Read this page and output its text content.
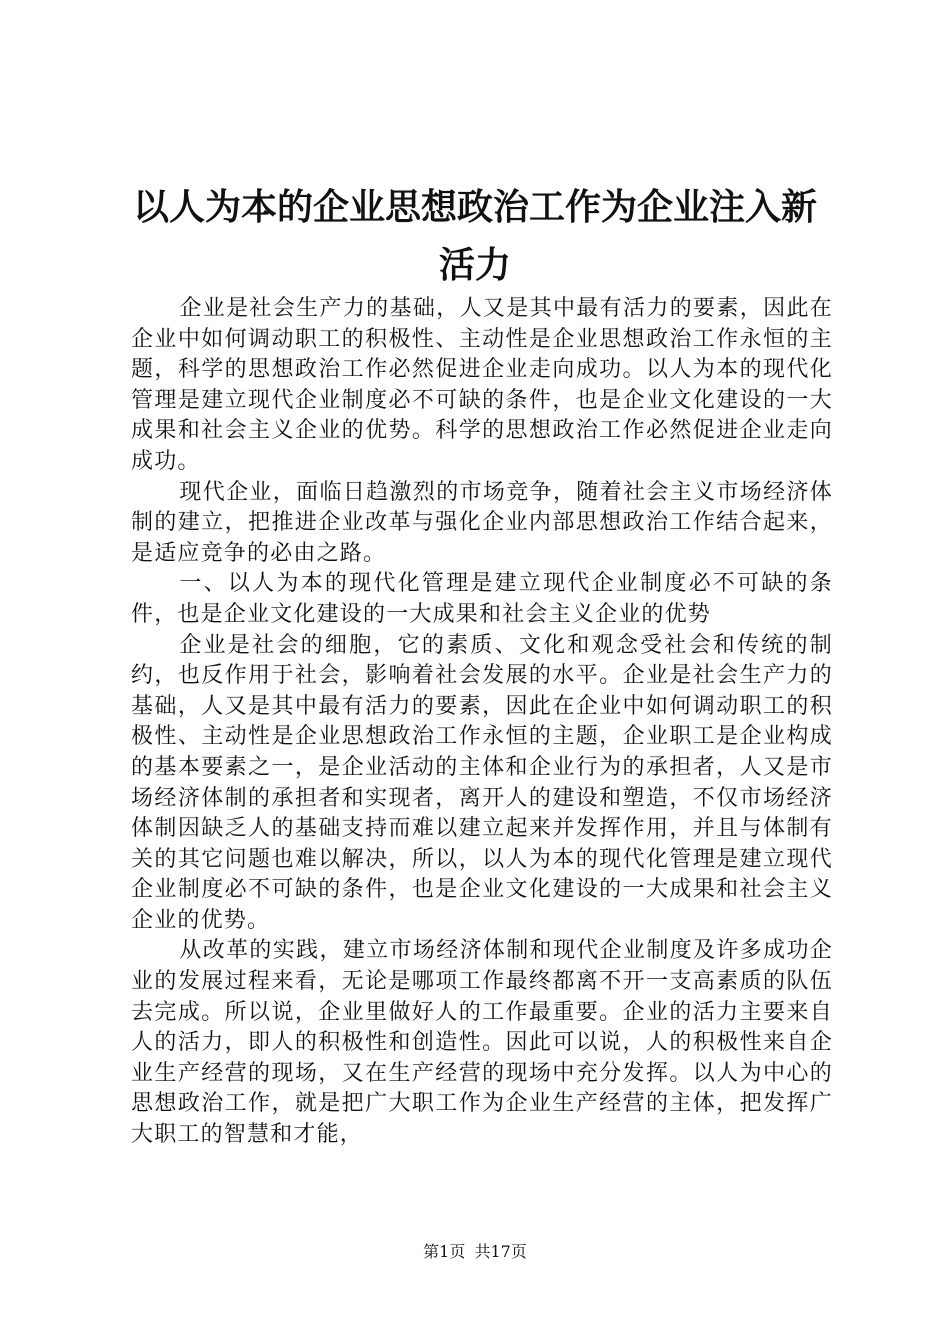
以人为本的企业思想政治工作为企业注入新活力

企业是社会生产力的基础，人又是其中最有活力的要素，因此在企业中如何调动职工的积极性、主动性是企业思想政治工作永恒的主题，科学的思想政治工作必然促进企业走向成功。以人为本的现代化管理是建立现代企业制度必不可缺的条件，也是企业文化建设的一大成果和社会主义企业的优势。科学的思想政治工作必然促进企业走向成功。

现代企业，面临日趋激烈的市场竞争，随着社会主义市场经济体制的建立，把推进企业改革与强化企业内部思想政治工作结合起来，是适应竞争的必由之路。

一、以人为本的现代化管理是建立现代企业制度必不可缺的条件，也是企业文化建设的一大成果和社会主义企业的优势

企业是社会的细胞，它的素质、文化和观念受社会和传统的制约，也反作用于社会，影响着社会发展的水平。企业是社会生产力的基础，人又是其中最有活力的要素，因此在企业中如何调动职工的积极性、主动性是企业思想政治工作永恒的主题，企业职工是企业构成的基本要素之一，是企业活动的主体和企业行为的承担者，人又是市场经济体制的承担者和实现者，离开人的建设和塑造，不仅市场经济体制因缺乏人的基础支持而难以建立起来并发挥作用，并且与体制有关的其它问题也难以解决，所以，以人为本的现代化管理是建立现代企业制度必不可缺的条件，也是企业文化建设的一大成果和社会主义企业的优势。

从改革的实践，建立市场经济体制和现代企业制度及许多成功企业的发展过程来看，无论是哪项工作最终都离不开一支高素质的队伍去完成。所以说，企业里做好人的工作最重要。企业的活力主要来自人的活力，即人的积极性和创造性。因此可以说，人的积极性来自企业生产经营的现场，又在生产经营的现场中充分发挥。以人为中心的思想政治工作，就是把广大职工作为企业生产经营的主体，把发挥广大职工的智慧和才能，

第1页 共17页
